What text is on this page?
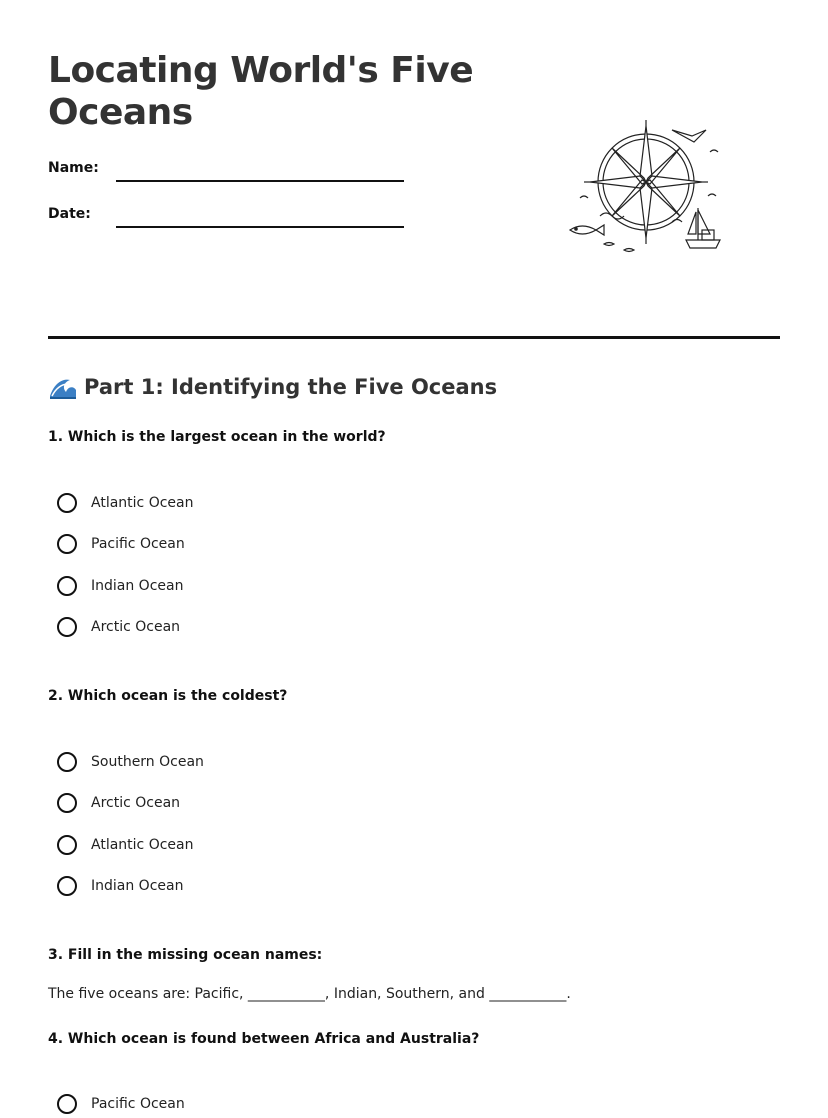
Locating World's Five Oceans
Name:
Date:
Part 1: Identifying the Five Oceans
1. Which is the largest ocean in the world?
Atlantic Ocean
Pacific Ocean
Indian Ocean
Arctic Ocean
2. Which ocean is the coldest?
Southern Ocean
Arctic Ocean
Atlantic Ocean
Indian Ocean
3. Fill in the missing ocean names:
The five oceans are: Pacific, ___________, Indian, Southern, and ___________.
4. Which ocean is found between Africa and Australia?
Pacific Ocean
